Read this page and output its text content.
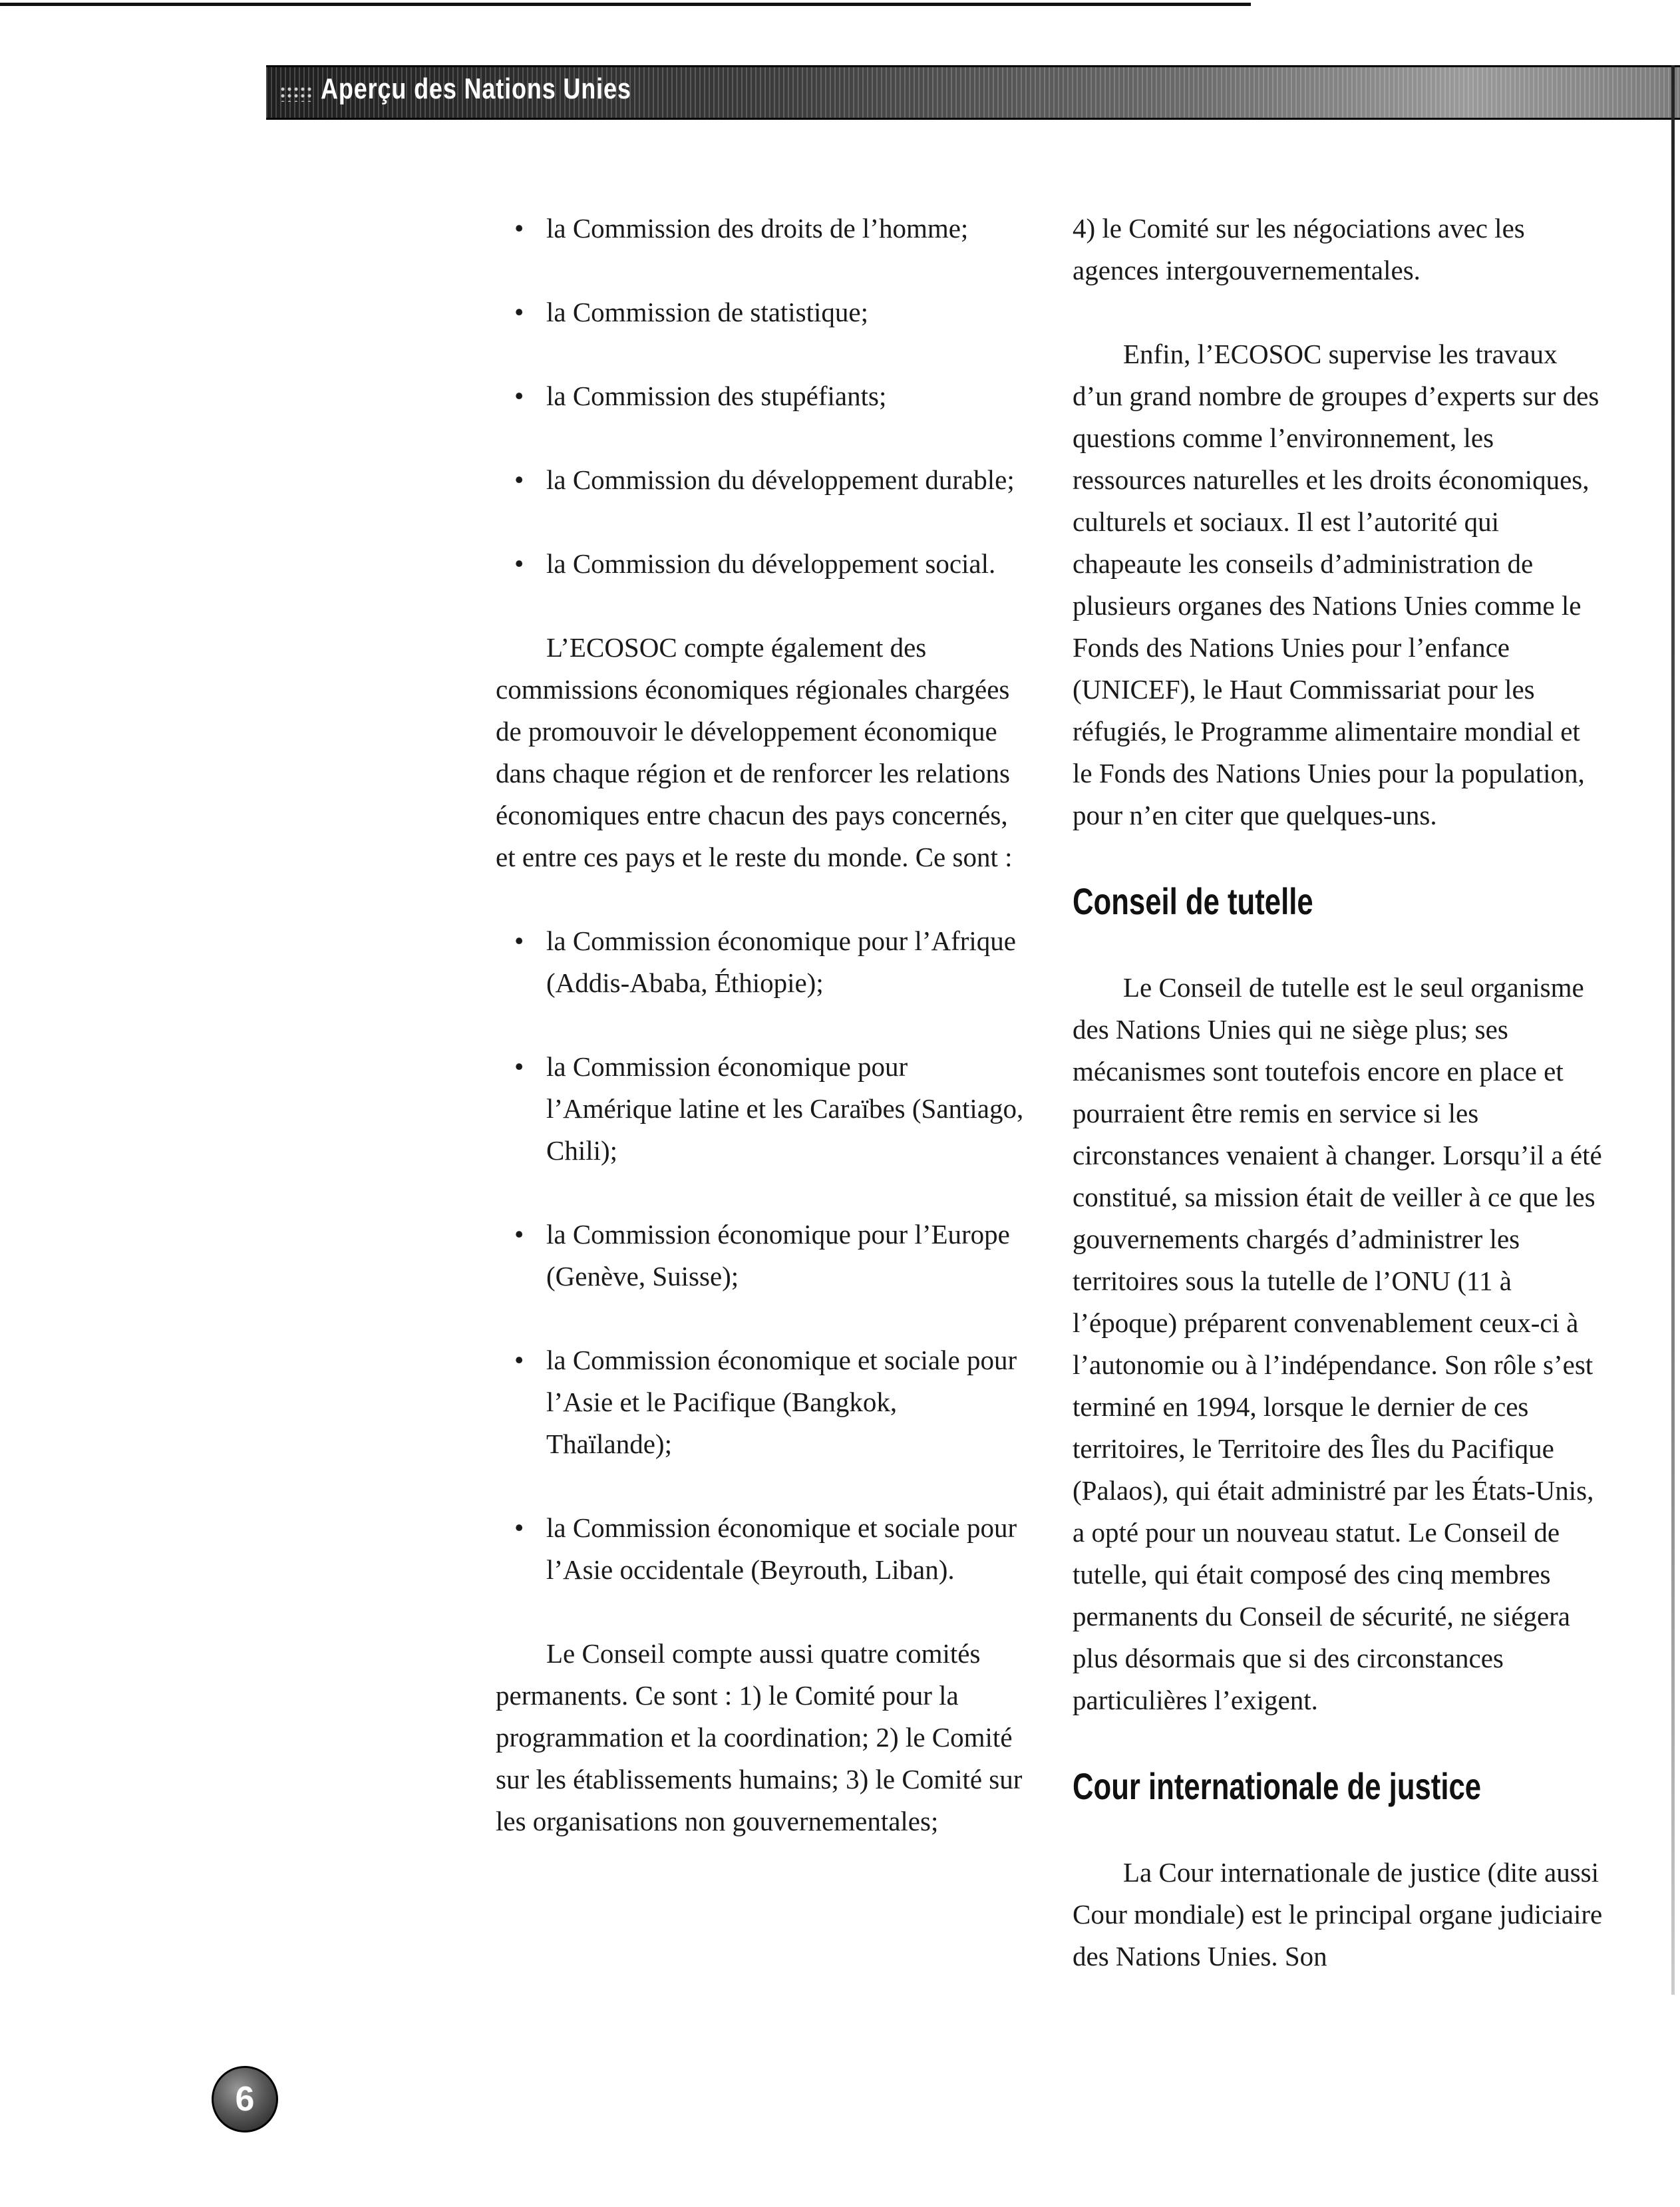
Aperçu des Nations Unies
• la Commission des droits de l’homme;
• la Commission de statistique;
• la Commission des stupéfiants;
• la Commission du développement durable;
• la Commission du développement social.

L’ECOSOC compte également des commissions économiques régionales chargées de promouvoir le développement économique dans chaque région et de renforcer les relations économiques entre chacun des pays concernés, et entre ces pays et le reste du monde. Ce sont :

• la Commission économique pour l’Afrique (Addis-Ababa, Éthiopie);
• la Commission économique pour l’Amérique latine et les Caraïbes (Santiago, Chili);
• la Commission économique pour l’Europe (Genève, Suisse);
• la Commission économique et sociale pour l’Asie et le Pacifique (Bangkok, Thaïlande);
• la Commission économique et sociale pour l’Asie occidentale (Beyrouth, Liban).

Le Conseil compte aussi quatre comités permanents. Ce sont : 1) le Comité pour la programmation et la coordination; 2) le Comité sur les établissements humains; 3) le Comité sur les organisations non gouvernementales;

4) le Comité sur les négociations avec les agences intergouvernementales.

Enfin, l’ECOSOC supervise les travaux d’un grand nombre de groupes d’experts sur des questions comme l’environnement, les ressources naturelles et les droits économiques, culturels et sociaux. Il est l’autorité qui chapeaute les conseils d’administration de plusieurs organes des Nations Unies comme le Fonds des Nations Unies pour l’enfance (UNICEF), le Haut Commissariat pour les réfugiés, le Programme alimentaire mondial et le Fonds des Nations Unies pour la population, pour n’en citer que quelques-uns.

Conseil de tutelle

Le Conseil de tutelle est le seul organisme des Nations Unies qui ne siège plus; ses mécanismes sont toutefois encore en place et pourraient être remis en service si les circonstances venaient à changer. Lorsqu’il a été constitué, sa mission était de veiller à ce que les gouvernements chargés d’administrer les territoires sous la tutelle de l’ONU (11 à l’époque) préparent convenablement ceux-ci à l’autonomie ou à l’indépendance. Son rôle s’est terminé en 1994, lorsque le dernier de ces territoires, le Territoire des Îles du Pacifique (Palaos), qui était administré par les États-Unis, a opté pour un nouveau statut. Le Conseil de tutelle, qui était composé des cinq membres permanents du Conseil de sécurité, ne siégera plus désormais que si des circonstances particulières l’exigent.

Cour internationale de justice

La Cour internationale de justice (dite aussi Cour mondiale) est le principal organe judiciaire des Nations Unies. Son

6
